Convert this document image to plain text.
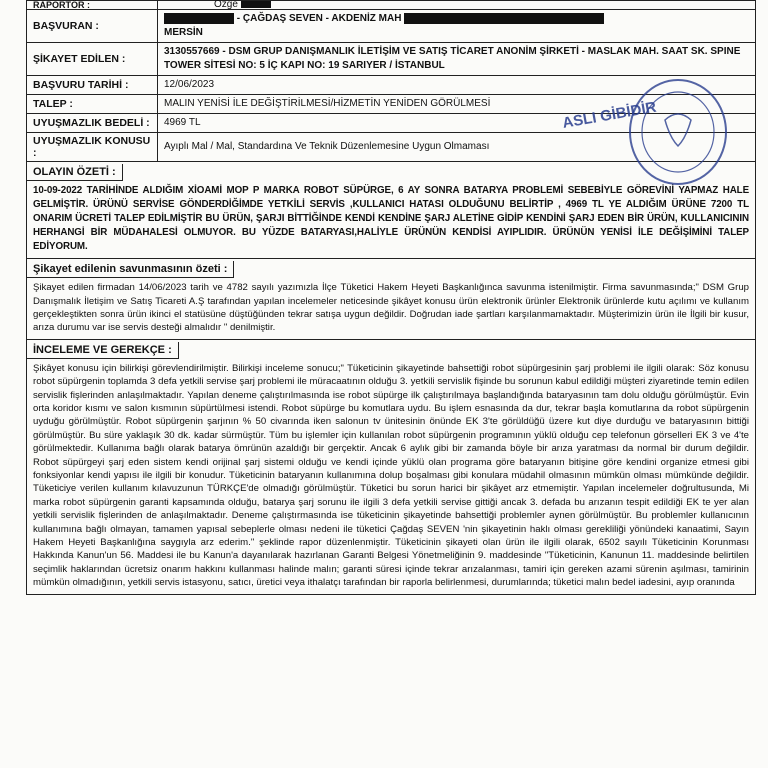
RAPORTÖR :	Özge
BAŞVURAN :	- ÇAĞDAŞ SEVEN - AKDENİZ MAH
MERSİN
ŞİKAYET EDİLEN :	3130557669 - DSM GRUP DANIŞMANLIK İLETİŞİM VE SATIŞ TİCARET ANONİM ŞİRKETİ - MASLAK MAH. SAAT SK. SPINE TOWER SİTESİ NO: 5 İÇ KAPI NO: 19 SARIYER / İSTANBUL
BAŞVURU TARİHİ :	12/06/2023
TALEP :	MALIN YENİSİ İLE DEĞİŞTİRİLMESİ/HİZMETİN YENİDEN GÖRÜLMESİ
UYUŞMAZLIK BEDELİ :	4969 TL
UYUŞMAZLIK KONUSU :	Ayıplı Mal / Mal, Standardına Ve Teknik Düzenlemesine Uygun Olmaması
OLAYIN ÖZETİ :
10-09-2022 TARİHİNDE ALDIĞIM XİOAMİ MOP P MARKA ROBOT SÜPÜRGE, 6 AY SONRA BATARYA PROBLEMİ SEBEBİYLE GÖREVİNİ YAPMAZ HALE GELMİŞTİR. ÜRÜNÜ SERVİSE GÖNDERDİĞİMDE YETKİLİ SERVİS ,KULLANICI HATASI OLDUĞUNU BELİRTİP , 4969 TL YE ALDIĞIM ÜRÜNE 7200 TL ONARIM ÜCRETİ TALEP EDİLMİŞTİR BU ÜRÜN, ŞARJI BİTTİĞİNDE KENDİ KENDİNE ŞARJ ALETİNE GİDİP KENDİNİ ŞARJ EDEN BİR ÜRÜN, KULLANICININ HERHANGİ BİR MÜDAHALESİ OLMUYOR. BU YÜZDE BATARYASI,HALİYLE ÜRÜNÜN KENDİSİ AYIPLIDIR. ÜRÜNÜN YENİSİ İLE DEĞİŞİMİNİ TALEP EDİYORUM.
Şikayet edilenin savunmasının özeti :
Şikayet edilen firmadan 14/06/2023 tarih ve 4782 sayılı yazımızla İlçe Tüketici Hakem Heyeti Başkanlığınca savunma istenilmiştir. Firma savunmasında;" DSM Grup Danışmalık İletişim ve Satış Ticareti A.Ş tarafından yapılan incelemeler neticesinde şikâyet konusu ürün elektronik ürünler Elektronik ürünlerde kutu açılımı ve kullanım gerçekleştikten sonra ürün ikinci el statüsüne düştüğünden tekrar satışa uygun değildir. Doğrudan iade şartları karşılanmamaktadır. Müşterimizin ürün ile İlgili bir kusur, arıza durumu var ise servis desteği almalıdır " denilmiştir.
İNCELEME VE GEREKÇE :
Şikâyet konusu için bilirkişi görevlendirilmiştir. Bilirkişi inceleme sonucu;" Tüketicinin şikayetinde bahsettiği robot süpürgesinin şarj problemi ile ilgili olarak: Söz konusu robot süpürgenin toplamda 3 defa yetkili servise şarj problemi ile müracaatının olduğu 3. yetkili servislik fişinde bu sorunun kabul edildiği müşteri ziyaretinde temin edilen servislik fişlerinden anlaşılmaktadır. Yapılan deneme çalıştırılmasında ise robot süpürge ilk çalıştırılmaya başlandığında bataryasının tam dolu olduğu görülmüştür. Evin orta koridor kısmı ve salon kısmının süpürtülmesi istendi. Robot süpürge bu komutlara uydu. Bu işlem esnasında da dur, tekrar başla komutlarına da robot süpürgenin uyduğu görülmüştür. Robot süpürgenin şarjının % 50 civarında iken salonun tv ünitesinin önünde EK 3'te görüldüğü üzere kut diye durduğu ve bataryasının bittiği görülmüştür. Bu süre yaklaşık 30 dk. kadar sürmüştür. Tüm bu işlemler için kullanılan robot süpürgenin programının yüklü olduğu cep telefonun görselleri EK 3 ve 4'te görülmektedir. Kullanıma bağlı olarak batarya ömrünün azaldığı bir gerçektir. Ancak 6 aylık gibi bir zamanda böyle bir arıza yaratması da normal bir durum değildir. Robot süpürgeyi şarj eden sistem kendi orijinal şarj sistemi olduğu ve kendi içinde yüklü olan programa göre bataryanın bitişine göre kendini organize etmesi gibi fonksiyonlar kendi yapısı ile ilgili bir konudur. Tüketicinin bataryanın kullanımına dolup boşalması gibi konulara müdahil olmasının mümkün olması mümkünde değildir. Tüketiciye verilen kullanım kılavuzunun TÜRKÇE'de olmadığı görülmüştür. Tüketici bu sorun harici bir şikâyet arz etmemiştir. Yapılan incelemeler doğrultusunda, Mi marka robot süpürgenin garanti kapsamında olduğu, batarya şarj sorunu ile ilgili 3 defa yetkili servise gittiği ancak 3. defada bu arızanın tespit edildiği EK te yer alan yetkili servislik fişlerinden de anlaşılmaktadır. Deneme çalıştırmasında ise tüketicinin şikayetinde bahsettiği problemler aynen görülmüştür. Bu problemler kullanıcının kullanımına bağlı olmayan, tamamen yapısal sebeplerle olması nedeni ile tüketici Çağdaş SEVEN 'nin şikayetinin haklı olması gerekliliği yönündeki kanaatimi, Sayın Hakem Heyeti Başkanlığına saygıyla arz ederim." şeklinde rapor düzenlenmiştir. Tüketicinin şikayeti olan ürün ile ilgili olarak, 6502 sayılı Tüketicinin Korunması Hakkında Kanun'un 56. Maddesi ile bu Kanun'a dayanılarak hazırlanan Garanti Belgesi Yönetmeliğinin 9. maddesinde "Tüketicinin, Kanunun 11. maddesinde belirtilen seçimlik haklarından ücretsiz onarım hakkını kullanması halinde malın; garanti süresi içinde tekrar arızalanması, tamiri için gereken azami sürenin aşılması, tamirinin mümkün olmadığının, yetkili servis istasyonu, satıcı, üretici veya ithalatçı tarafından bir raporla belirlenmesi, durumlarında; tüketici malın bedel iadesini, ayıp oranında
ASLI GİBİDİR
